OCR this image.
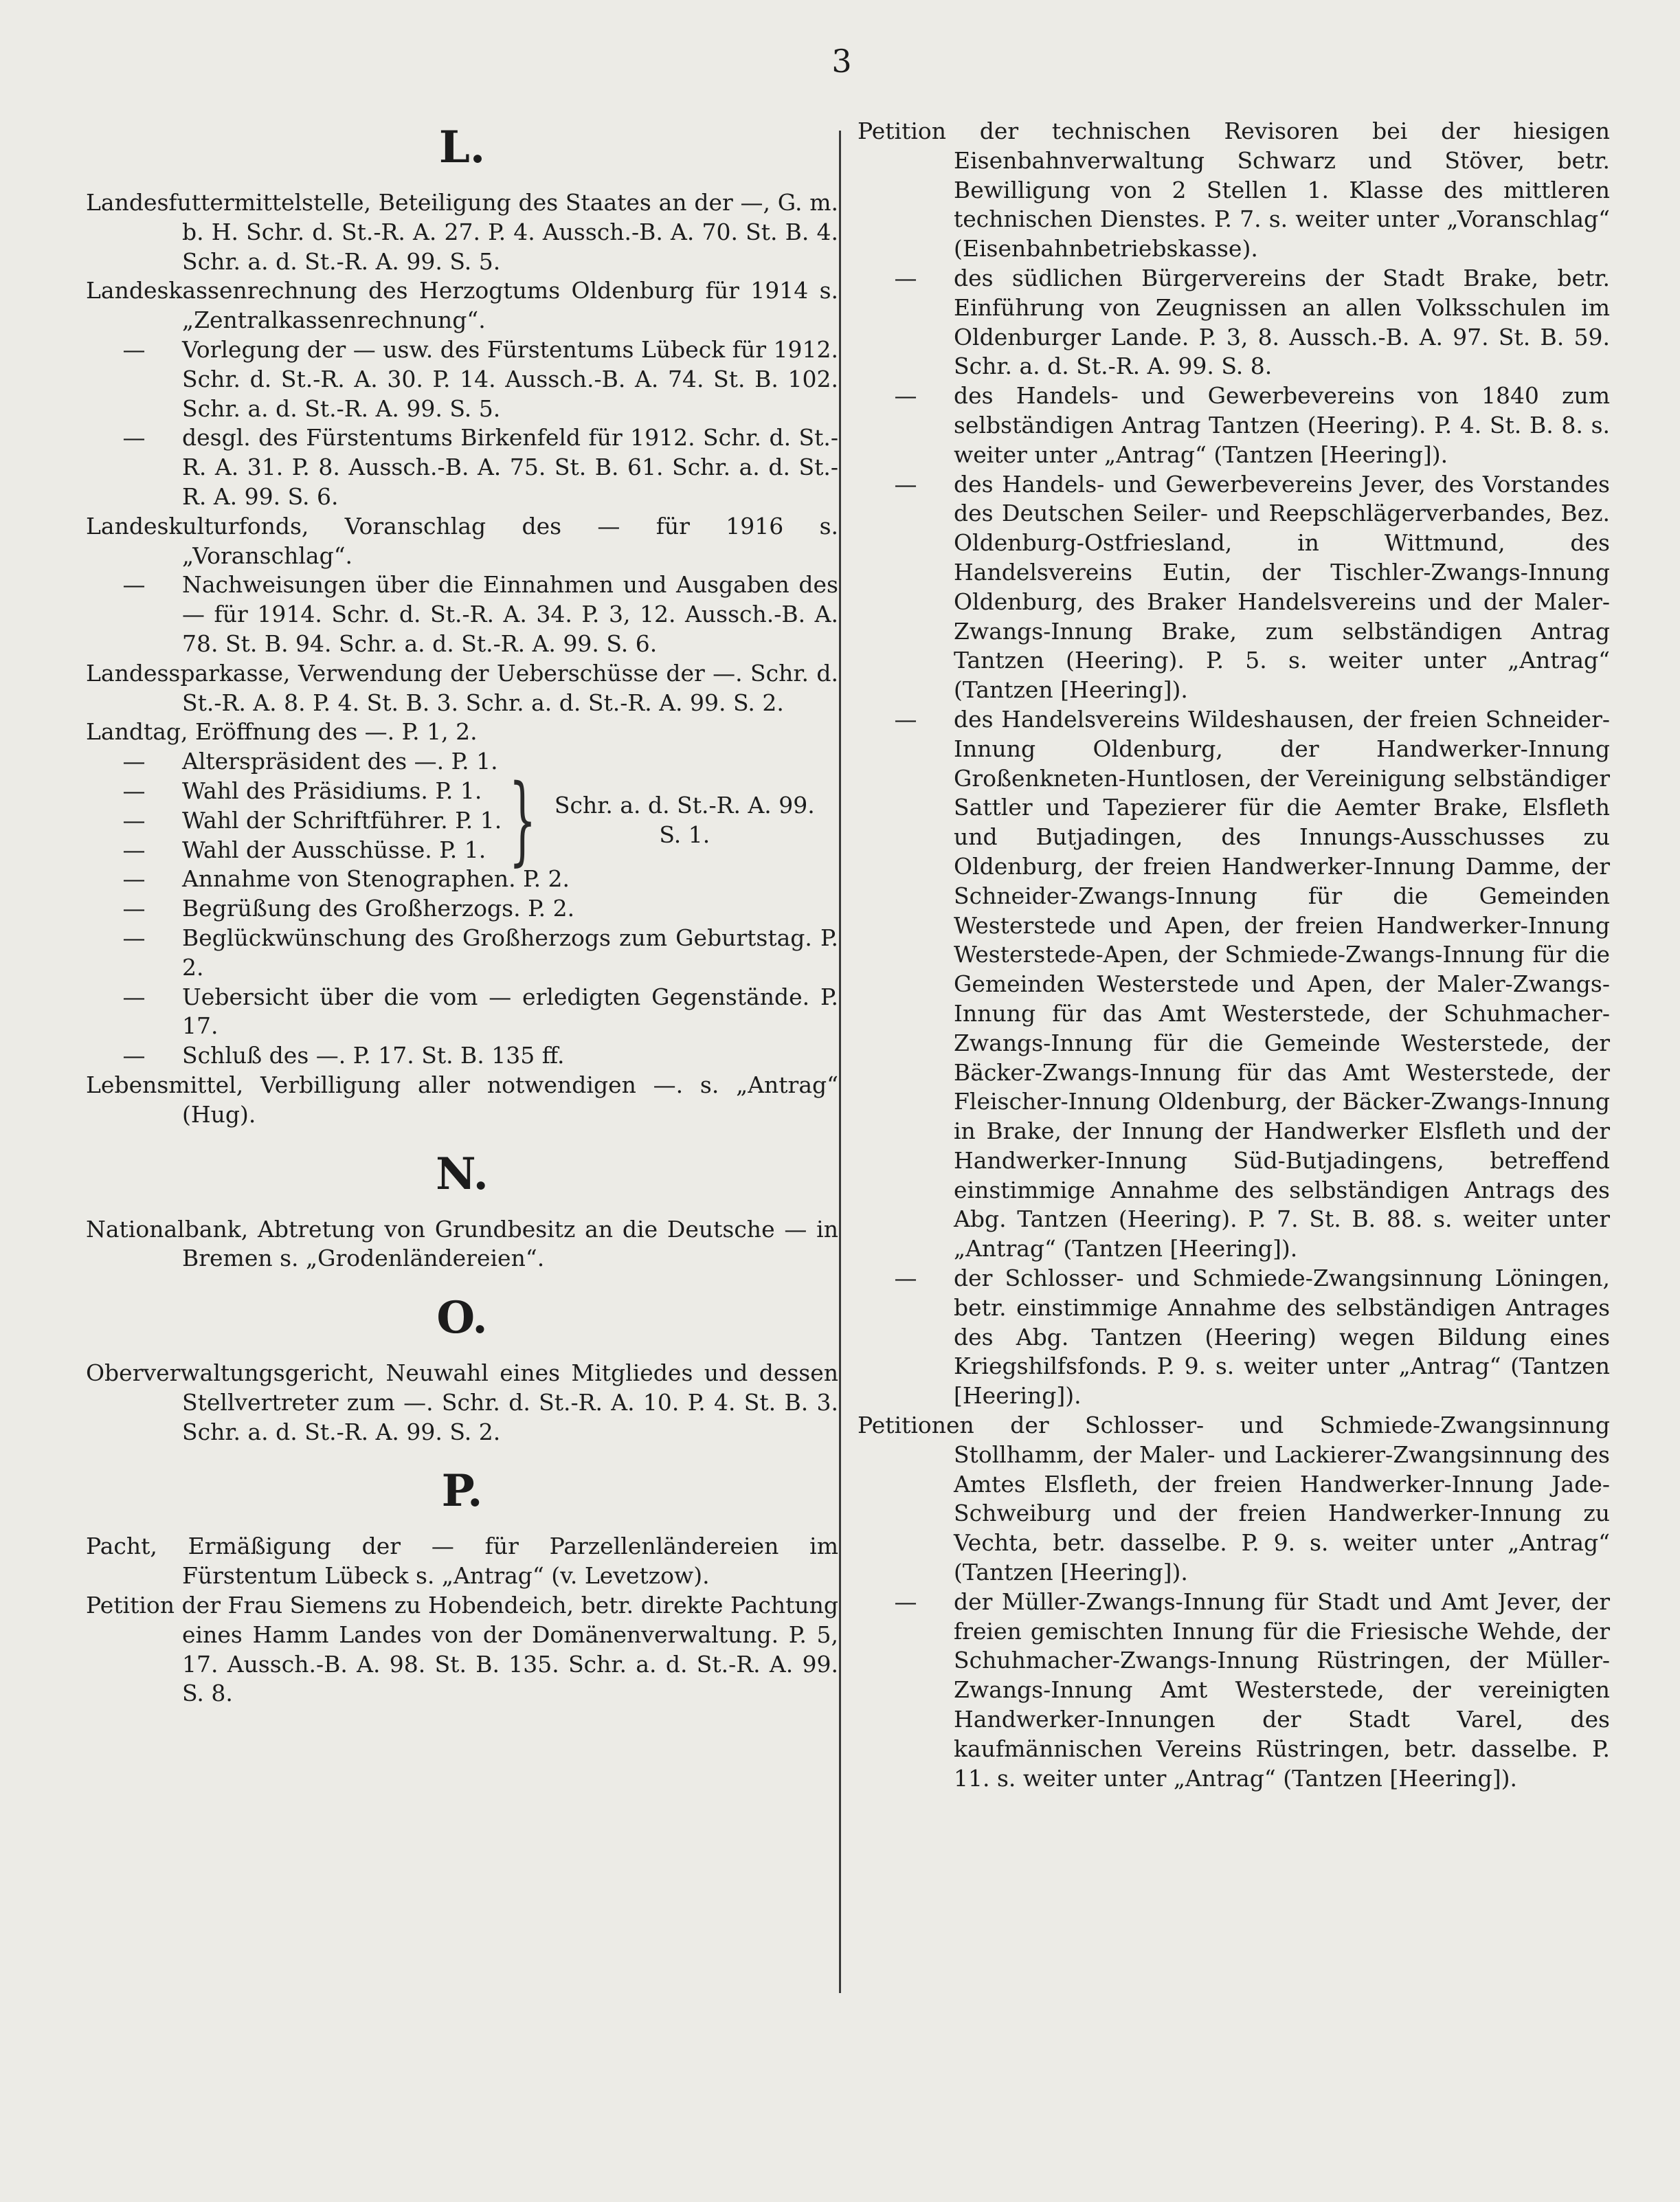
3
L.
Landesfuttermittelstelle, Beteiligung des Staates an der —, G. m. b. H. Schr. d. St.-R. A. 27. P. 4. Aussch.-B. A. 70. St. B. 4. Schr. a. d. St.-R. A. 99. S. 5.
Landeskassenrechnung des Herzogtums Oldenburg für 1914 s. „Zentralkassenrechnung“.
— Vorlegung der — usw. des Fürstentums Lübeck für 1912. Schr. d. St.-R. A. 30. P. 14. Aussch.-B. A. 74. St. B. 102. Schr. a. d. St.-R. A. 99. S. 5.
— desgl. des Fürstentums Birkenfeld für 1912. Schr. d. St.-R. A. 31. P. 8. Aussch.-B. A. 75. St. B. 61. Schr. a. d. St.-R. A. 99. S. 6.
Landeskulturfonds, Voranschlag des — für 1916 s. „Voranschlag“.
— Nachweisungen über die Einnahmen und Ausgaben des — für 1914. Schr. d. St.-R. A. 34. P. 3, 12. Aussch.-B. A. 78. St. B. 94. Schr. a. d. St.-R. A. 99. S. 6.
Landessparkasse, Verwendung der Ueberschüsse der —. Schr. d. St.-R. A. 8. P. 4. St. B. 3. Schr. a. d. St.-R. A. 99. S. 2.
Landtag, Eröffnung des —. P. 1, 2.
— Alterspräsident des —. P. 1.
— Wahl des Präsidiums. P. 1.
— Wahl der Schriftführer. P. 1.
— Wahl der Ausschüsse. P. 1. } Schr. a. d. St.-R. A. 99. S. 1.
— Annahme von Stenographen. P. 2.
— Begrüßung des Großherzogs. P. 2.
— Beglückwünschung des Großherzogs zum Geburtstag. P. 2.
— Uebersicht über die vom — erledigten Gegenstände. P. 17.
— Schluß des —. P. 17. St. B. 135 ff.
Lebensmittel, Verbilligung aller notwendigen —. s. „Antrag“ (Hug).
N.
Nationalbank, Abtretung von Grundbesitz an die Deutsche — in Bremen s. „Grodenländereien“.
O.
Oberverwaltungsgericht, Neuwahl eines Mitgliedes und dessen Stellvertreter zum —. Schr. d. St.-R. A. 10. P. 4. St. B. 3. Schr. a. d. St.-R. A. 99. S. 2.
P.
Pacht, Ermäßigung der — für Parzellenländereien im Fürstentum Lübeck s. „Antrag“ (v. Levetzow).
Petition der Frau Siemens zu Hobendeich, betr. direkte Pachtung eines Hamm Landes von der Domänenverwaltung. P. 5, 17. Aussch.-B. A. 98. St. B. 135. Schr. a. d. St.-R. A. 99. S. 8.
Petition der technischen Revisoren bei der hiesigen Eisenbahnverwaltung Schwarz und Stöver, betr. Bewilligung von 2 Stellen 1. Klasse des mittleren technischen Dienstes. P. 7. s. weiter unter „Voranschlag“ (Eisenbahnbetriebskasse).
— des südlichen Bürgervereins der Stadt Brake, betr. Einführung von Zeugnissen an allen Volksschulen im Oldenburger Lande. P. 3, 8. Aussch.-B. A. 97. St. B. 59. Schr. a. d. St.-R. A. 99. S. 8.
— des Handels- und Gewerbevereins von 1840 zum selbständigen Antrag Tantzen (Heering). P. 4. St. B. 8. s. weiter unter „Antrag“ (Tantzen [Heering]).
— des Handels- und Gewerbevereins Jever, des Vorstandes des Deutschen Seiler- und Reepschlägerverbandes, Bez. Oldenburg-Ostfriesland, in Wittmund, des Handelsvereins Eutin, der Tischler-Zwangs-Innung Oldenburg, des Braker Handelsvereins und der Maler-Zwangs-Innung Brake, zum selbständigen Antrag Tantzen (Heering). P. 5. s. weiter unter „Antrag“ (Tantzen [Heering]).
— des Handelsvereins Wildeshausen, der freien Schneider-Innung Oldenburg, der Handwerker-Innung Großenkneten-Huntlosen, der Vereinigung selbständiger Sattler und Tapezierer für die Aemter Brake, Elsfleth und Butjadingen, des Innungs-Ausschusses zu Oldenburg, der freien Handwerker-Innung Damme, der Schneider-Zwangs-Innung für die Gemeinden Westerstede und Apen, der freien Handwerker-Innung Westerstede-Apen, der Schmiede-Zwangs-Innung für die Gemeinden Westerstede und Apen, der Maler-Zwangs-Innung für das Amt Westerstede, der Schuhmacher-Zwangs-Innung für die Gemeinde Westerstede, der Bäcker-Zwangs-Innung für das Amt Westerstede, der Fleischer-Innung Oldenburg, der Bäcker-Zwangs-Innung in Brake, der Innung der Handwerker Elsfleth und der Handwerker-Innung Süd-Butjadingens, betreffend einstimmige Annahme des selbständigen Antrags des Abg. Tantzen (Heering). P. 7. St. B. 88. s. weiter unter „Antrag“ (Tantzen [Heering]).
— der Schlosser- und Schmiede-Zwangsinnung Löningen, betr. einstimmige Annahme des selbständigen Antrages des Abg. Tantzen (Heering) wegen Bildung eines Kriegshilfsfonds. P. 9. s. weiter unter „Antrag“ (Tantzen [Heering]).
Petitionen der Schlosser- und Schmiede-Zwangsinnung Stollhamm, der Maler- und Lackierer-Zwangsinnung des Amtes Elsfleth, der freien Handwerker-Innung Jade-Schweiburg und der freien Handwerker-Innung zu Vechta, betr. dasselbe. P. 9. s. weiter unter „Antrag“ (Tantzen [Heering]).
— der Müller-Zwangs-Innung für Stadt und Amt Jever, der freien gemischten Innung für die Friesische Wehde, der Schuhmacher-Zwangs-Innung Rüstringen, der Müller-Zwangs-Innung Amt Westerstede, der vereinigten Handwerker-Innungen der Stadt Varel, des kaufmännischen Vereins Rüstringen, betr. dasselbe. P. 11. s. weiter unter „Antrag“ (Tantzen [Heering]).
